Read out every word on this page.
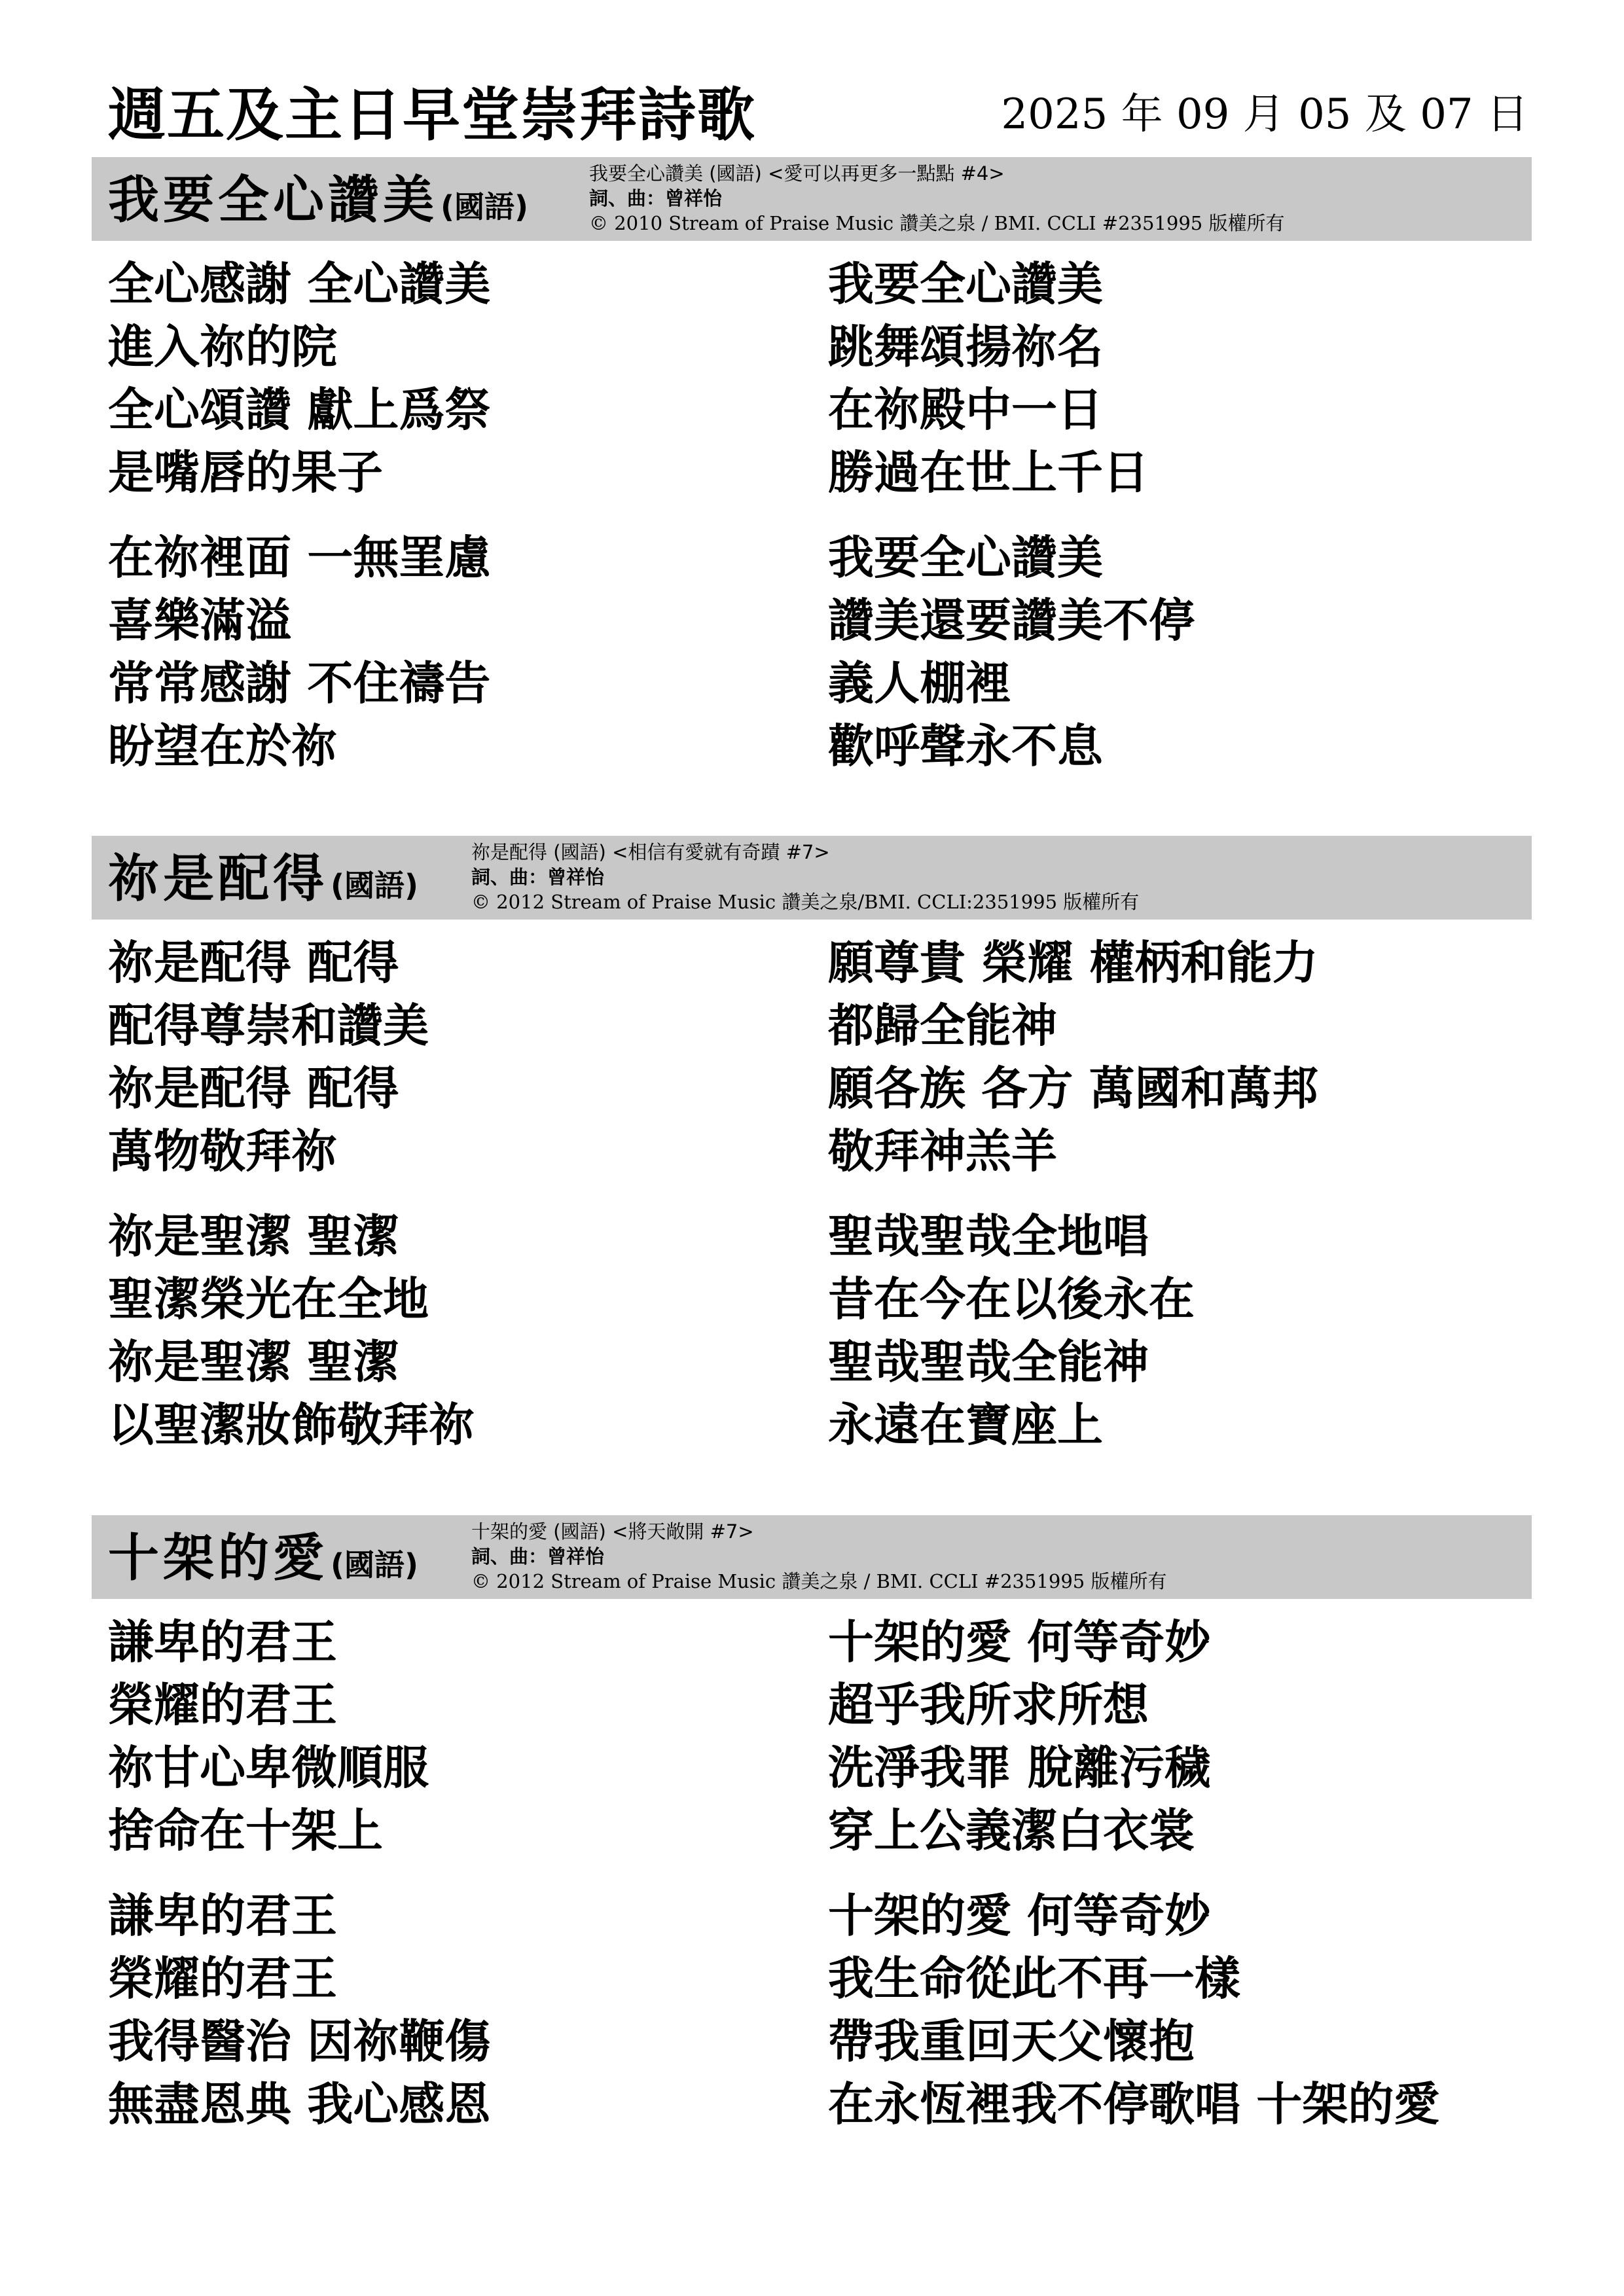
週五及主日早堂崇拜詩歌	2025 年 09 月 05 及 07 日
我要全心讚美(國語)
我要全心讚美 (國語) <愛可以再更多一點點 #4>
詞、曲：曾祥怡
© 2010 Stream of Praise Music 讚美之泉 / BMI. CCLI #2351995 版權所有
全心感謝 全心讚美
進入祢的院
全心頌讚 獻上爲祭
是嘴唇的果子
在祢裡面 一無罣慮
喜樂滿溢
常常感謝 不住禱告
盼望在於祢
我要全心讚美
跳舞頌揚祢名
在祢殿中一日
勝過在世上千日
我要全心讚美
讚美還要讚美不停
義人棚裡
歡呼聲永不息
祢是配得(國語)
祢是配得 (國語) <相信有愛就有奇蹟 #7>
詞、曲：曾祥怡
© 2012 Stream of Praise Music 讚美之泉/BMI. CCLI:2351995 版權所有
祢是配得 配得
配得尊崇和讚美
祢是配得 配得
萬物敬拜祢
祢是聖潔 聖潔
聖潔榮光在全地
祢是聖潔 聖潔
以聖潔妝飾敬拜祢
願尊貴 榮耀 權柄和能力
都歸全能神
願各族 各方 萬國和萬邦
敬拜神羔羊
聖哉聖哉全地唱
昔在今在以後永在
聖哉聖哉全能神
永遠在寶座上
十架的愛(國語)
十架的愛 (國語) <將天敞開 #7>
詞、曲：曾祥怡
© 2012 Stream of Praise Music 讚美之泉 / BMI. CCLI #2351995 版權所有
謙卑的君王
榮耀的君王
祢甘心卑微順服
捨命在十架上
謙卑的君王
榮耀的君王
我得醫治 因祢鞭傷
無盡恩典 我心感恩
十架的愛 何等奇妙
超乎我所求所想
洗淨我罪 脫離污穢
穿上公義潔白衣裳
十架的愛 何等奇妙
我生命從此不再一樣
帶我重回天父懷抱
在永恆裡我不停歌唱 十架的愛
